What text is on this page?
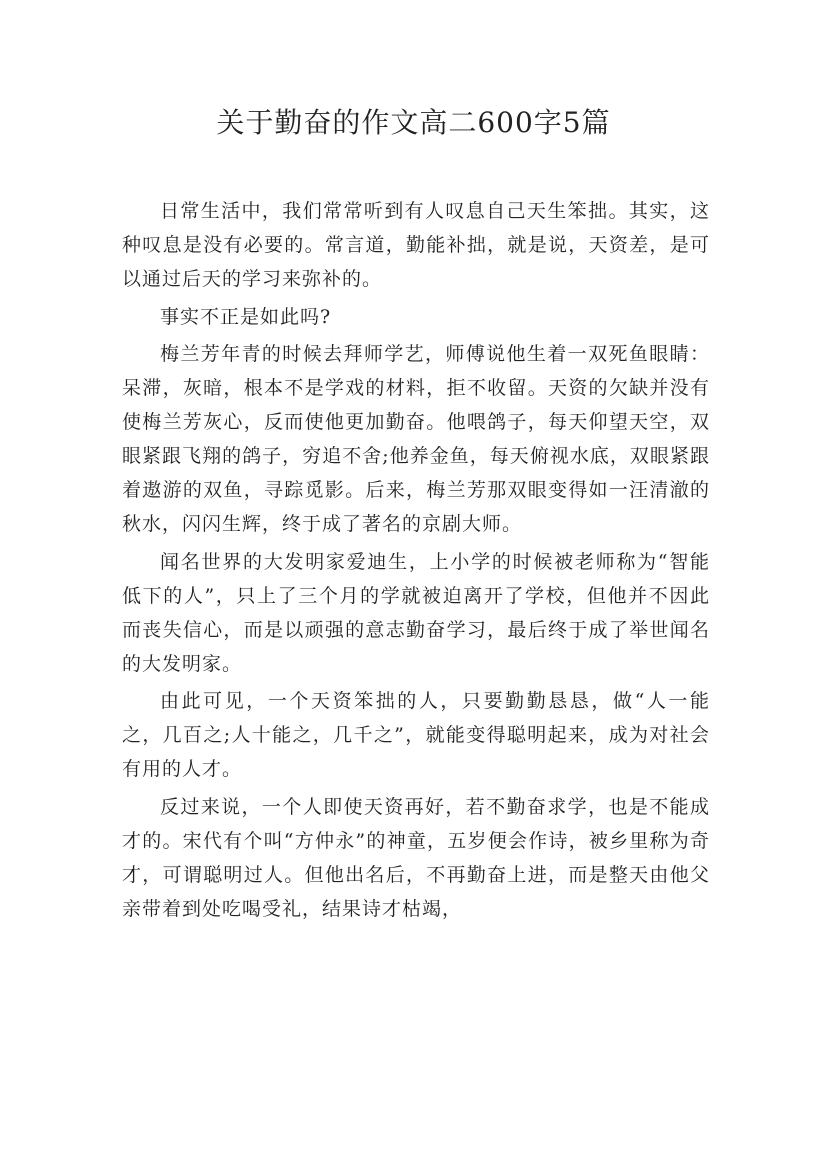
关于勤奋的作文高二600字5篇

日常生活中，我们常常听到有人叹息自己天生笨拙。其实，这种叹息是没有必要的。常言道，勤能补拙，就是说，天资差，是可以通过后天的学习来弥补的。

事实不正是如此吗?

梅兰芳年青的时候去拜师学艺，师傅说他生着一双死鱼眼睛：呆滞，灰暗，根本不是学戏的材料，拒不收留。天资的欠缺并没有使梅兰芳灰心，反而使他更加勤奋。他喂鸽子，每天仰望天空，双眼紧跟飞翔的鸽子，穷追不舍;他养金鱼，每天俯视水底，双眼紧跟着遨游的双鱼，寻踪觅影。后来，梅兰芳那双眼变得如一汪清澈的秋水，闪闪生辉，终于成了著名的京剧大师。

闻名世界的大发明家爱迪生，上小学的时候被老师称为“智能低下的人”，只上了三个月的学就被迫离开了学校，但他并不因此而丧失信心，而是以顽强的意志勤奋学习，最后终于成了举世闻名的大发明家。

由此可见，一个天资笨拙的人，只要勤勤恳恳，做“人一能之，几百之;人十能之，几千之”，就能变得聪明起来，成为对社会有用的人才。

反过来说，一个人即使天资再好，若不勤奋求学，也是不能成才的。宋代有个叫“方仲永”的神童，五岁便会作诗，被乡里称为奇才，可谓聪明过人。但他出名后，不再勤奋上进，而是整天由他父亲带着到处吃喝受礼，结果诗才枯竭，
